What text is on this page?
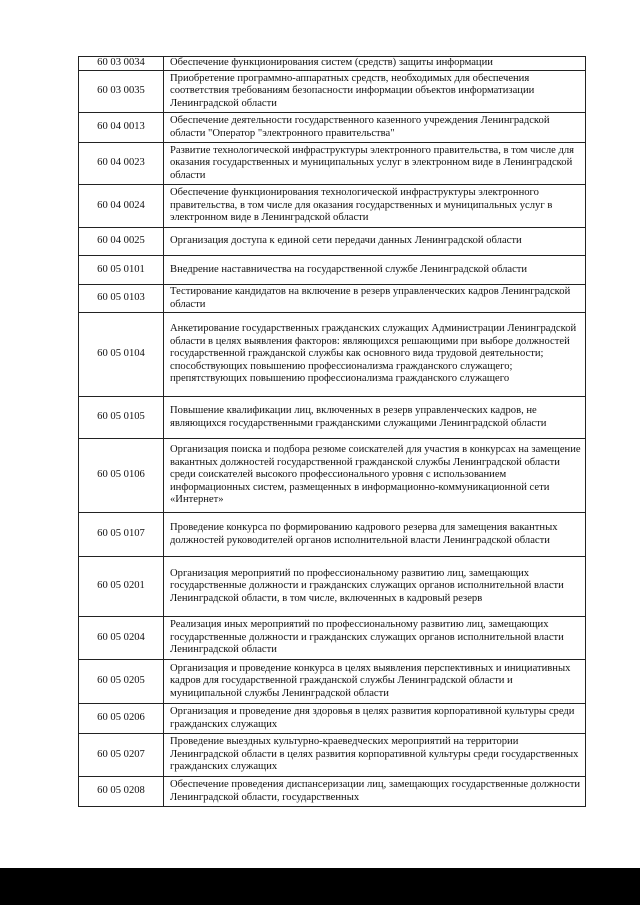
60 03 0034	Обеспечение функционирования систем (средств) защиты информации
60 03 0035	Приобретение программно-аппаратных средств, необходимых для обеспечения соответствия требованиям безопасности информации объектов информатизации Ленинградской области
60 04 0013	Обеспечение деятельности государственного казенного учреждения Ленинградской области "Оператор "электронного правительства"
60 04 0023	Развитие технологической инфраструктуры электронного правительства, в том числе для оказания государственных и муниципальных услуг в электронном виде в Ленинградской области
60 04 0024	Обеспечение функционирования технологической инфраструктуры электронного правительства, в том числе для оказания государственных и муниципальных услуг в электронном виде в Ленинградской области
60 04 0025	Организация доступа к единой сети передачи данных Ленинградской области
60 05 0101	Внедрение наставничества на государственной службе Ленинградской области
60 05 0103	Тестирование кандидатов на включение в резерв управленческих кадров Ленинградской области
60 05 0104	Анкетирование государственных гражданских служащих Администрации Ленинградской области в целях выявления факторов: являющихся решающими при выборе должностей государственной гражданской службы как основного вида трудовой деятельности; способствующих повышению профессионализма гражданского служащего; препятствующих повышению профессионализма гражданского служащего
60 05 0105	Повышение квалификации лиц, включенных в резерв управленческих кадров, не являющихся государственными гражданскими служащими Ленинградской области
60 05 0106	Организация поиска и подбора резюме соискателей для участия в конкурсах на замещение вакантных должностей государственной гражданской службы Ленинградской области среди соискателей высокого профессионального уровня с использованием информационных систем, размещенных в информационно-коммуникационной сети «Интернет»
60 05 0107	Проведение конкурса по формированию кадрового резерва для замещения вакантных должностей руководителей органов исполнительной власти Ленинградской области
60 05 0201	Организация мероприятий по профессиональному развитию лиц, замещающих государственные должности и гражданских служащих органов исполнительной власти Ленинградской области, в том числе, включенных в кадровый резерв
60 05 0204	Реализация иных мероприятий по профессиональному развитию лиц, замещающих государственные должности и гражданских служащих органов исполнительной власти Ленинградской области
60 05 0205	Организация и проведение конкурса в целях выявления перспективных и инициативных кадров для государственной гражданской службы Ленинградской области и муниципальной службы Ленинградской области
60 05 0206	Организация и проведение дня здоровья в целях развития корпоративной культуры среди гражданских служащих
60 05 0207	Проведение выездных культурно-краеведческих мероприятий на территории Ленинградской области в целях развития корпоративной культуры среди государственных гражданских служащих
60 05 0208	Обеспечение проведения диспансеризации лиц, замещающих государственные должности Ленинградской области, государственных
